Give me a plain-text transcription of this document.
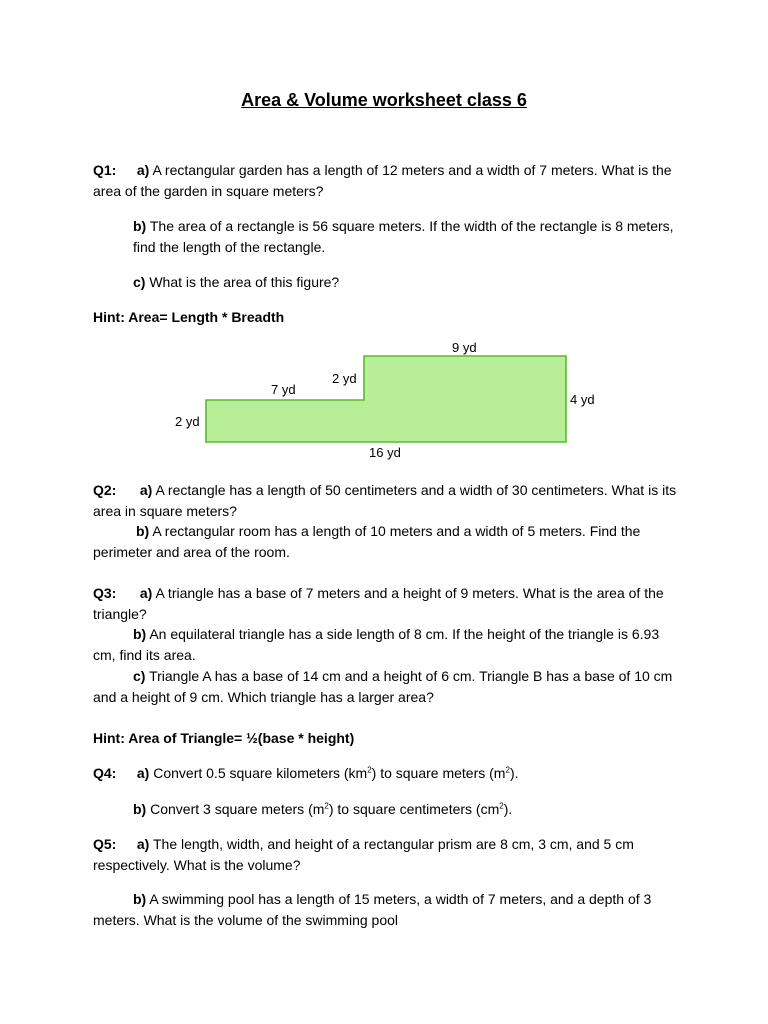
Area & Volume worksheet class 6

Q1: a) A rectangular garden has a length of 12 meters and a width of 7 meters. What is the area of the garden in square meters?

b) The area of a rectangle is 56 square meters. If the width of the rectangle is 8 meters, find the length of the rectangle.

c) What is the area of this figure?

Hint: Area= Length * Breadth

9 yd
2 yd
7 yd
2 yd
4 yd
16 yd

Q2: a) A rectangle has a length of 50 centimeters and a width of 30 centimeters. What is its area in square meters?

b) A rectangular room has a length of 10 meters and a width of 5 meters. Find the perimeter and area of the room.

Q3: a) A triangle has a base of 7 meters and a height of 9 meters. What is the area of the triangle?

b) An equilateral triangle has a side length of 8 cm. If the height of the triangle is 6.93 cm, find its area.

c) Triangle A has a base of 14 cm and a height of 6 cm. Triangle B has a base of 10 cm and a height of 9 cm. Which triangle has a larger area?

Hint: Area of Triangle= ½(base * height)

Q4: a) Convert 0.5 square kilometers $(km^2)$ to square meters $(m^2)$.

b) Convert 3 square meters $(m^2)$ to square centimeters $(cm^2)$.

Q5: a) The length, width, and height of a rectangular prism are 8 cm, 3 cm, and 5 cm respectively. What is the volume?

b) A swimming pool has a length of 15 meters, a width of 7 meters, and a depth of 3 meters. What is the volume of the swimming pool
